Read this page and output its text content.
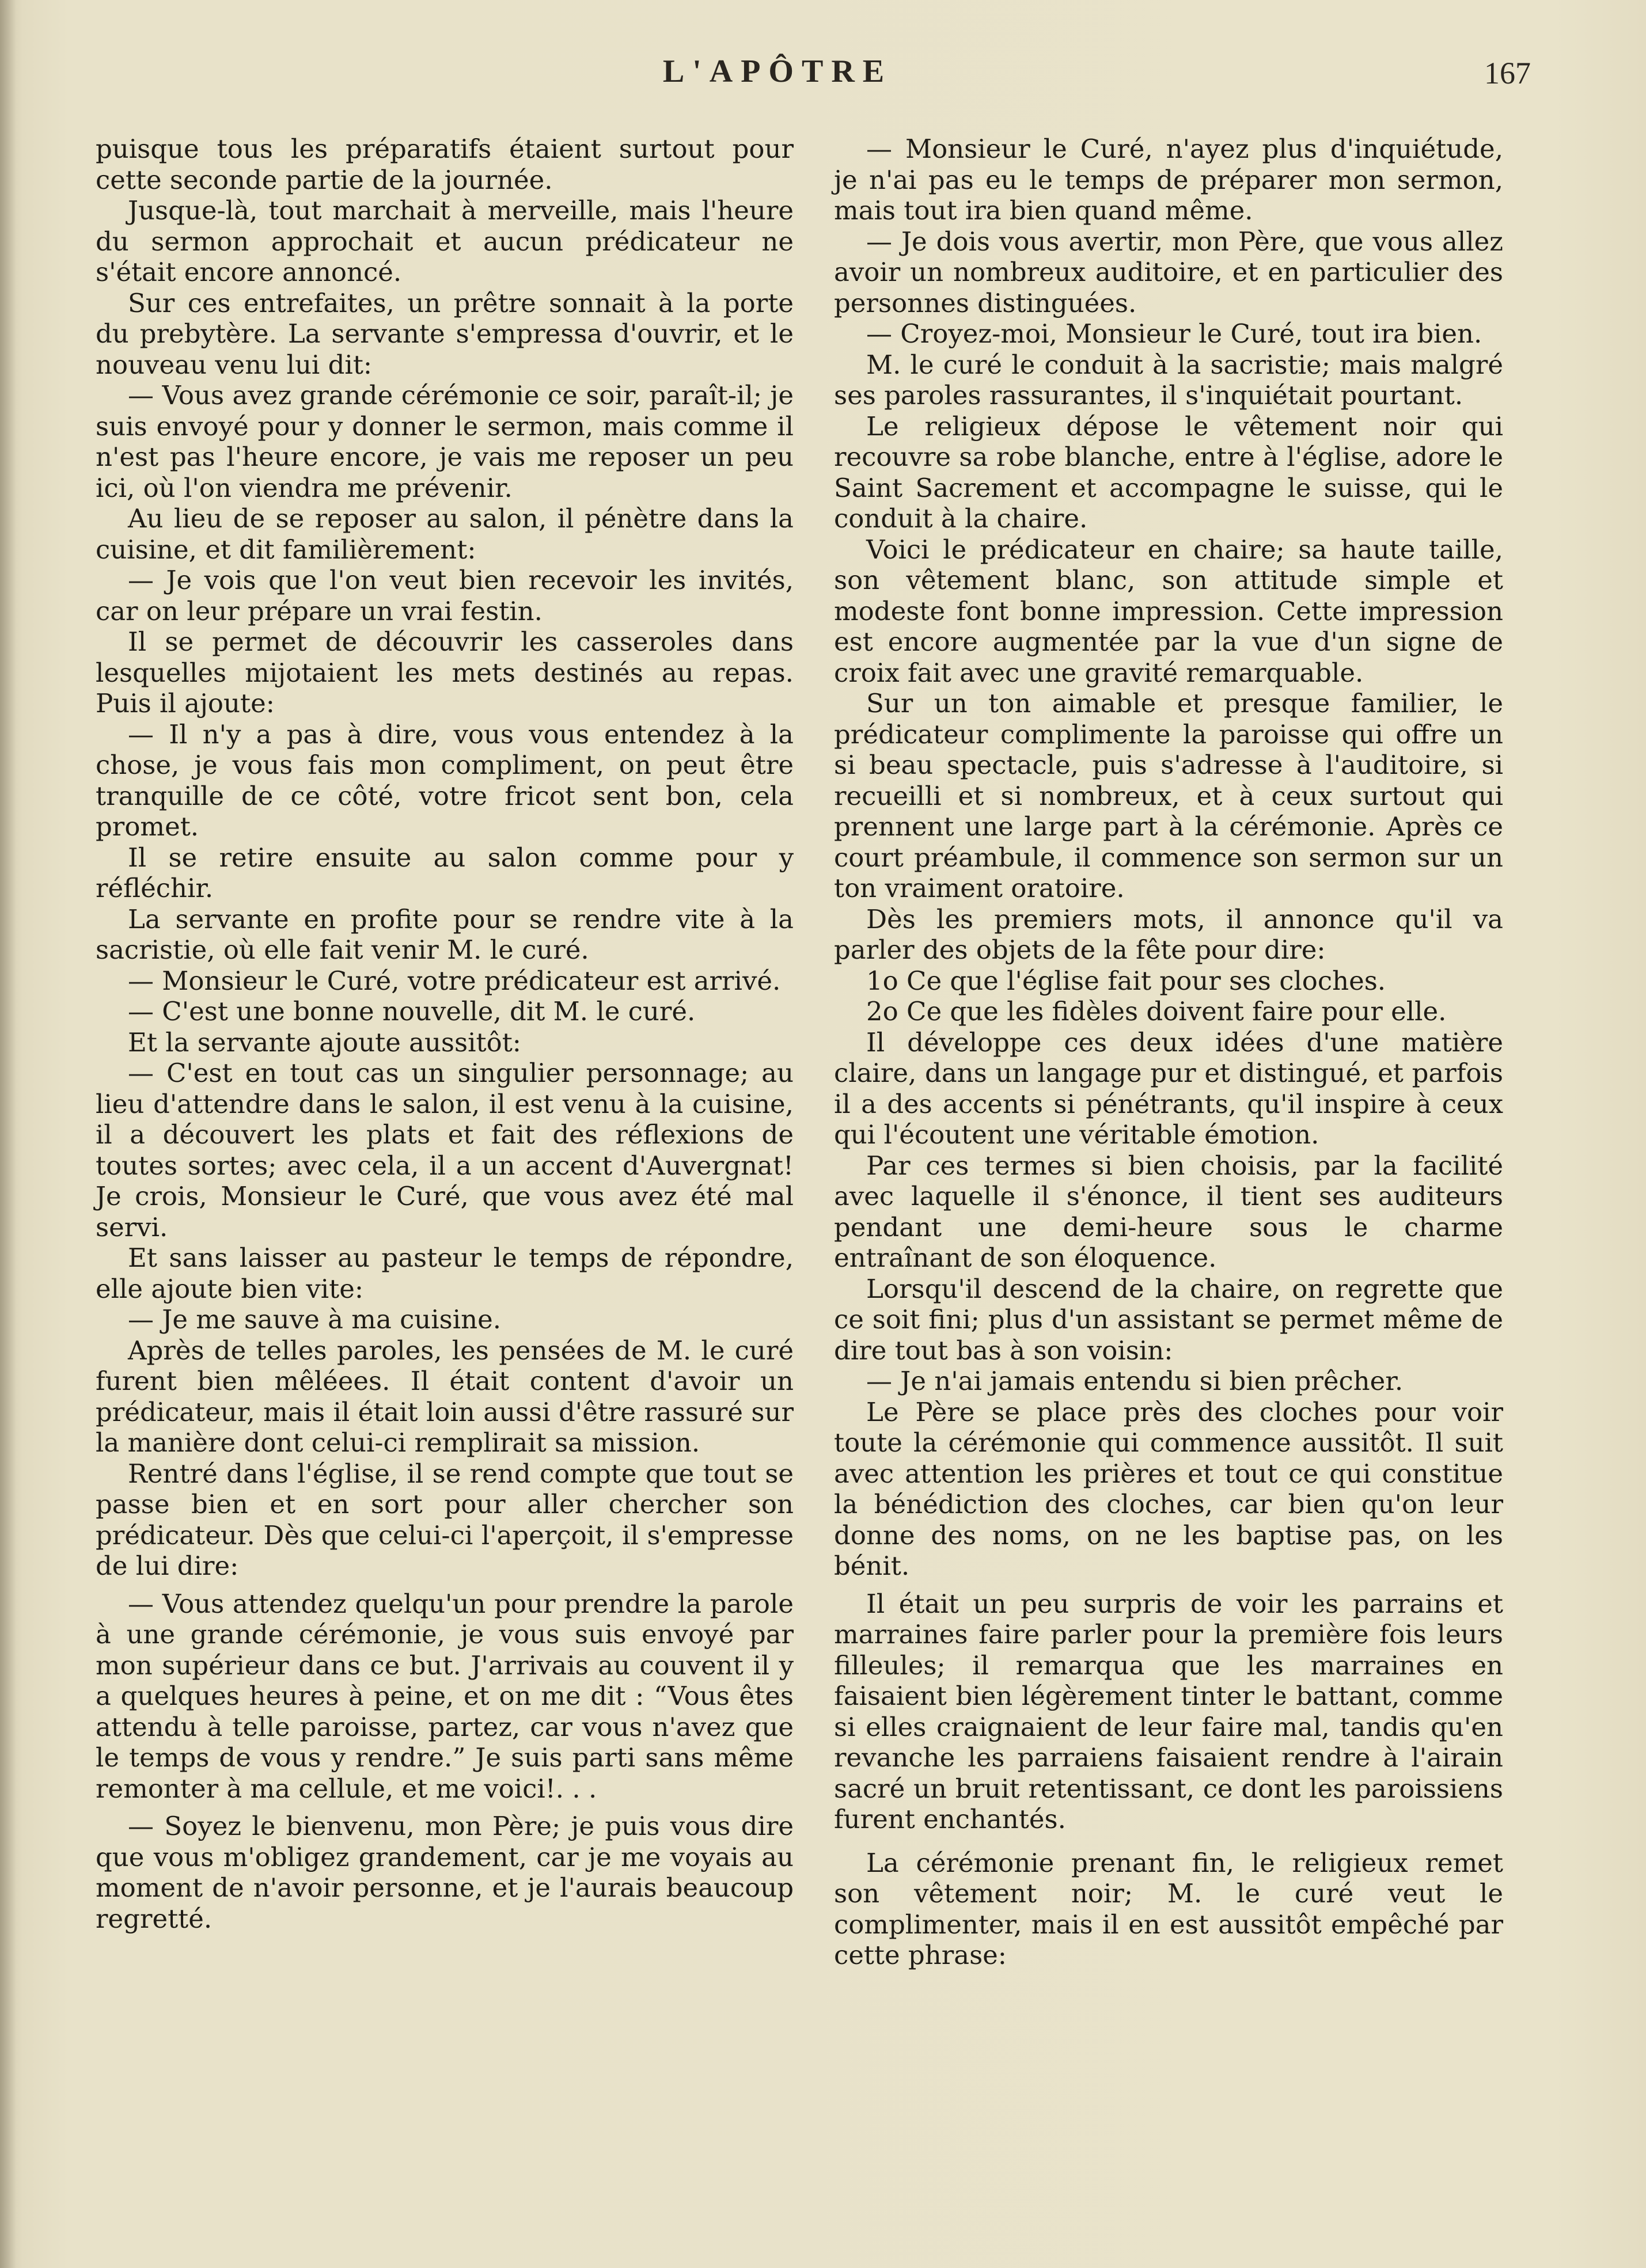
L'APÔTRE	167

puisque tous les préparatifs étaient surtout pour cette seconde partie de la journée.

Jusque-là, tout marchait à merveille, mais l'heure du sermon approchait et aucun prédicateur ne s'était encore annoncé.

Sur ces entrefaites, un prêtre sonnait à la porte du prebytère. La servante s'empressa d'ouvrir, et le nouveau venu lui dit:

— Vous avez grande cérémonie ce soir, paraît-il; je suis envoyé pour y donner le sermon, mais comme il n'est pas l'heure encore, je vais me reposer un peu ici, où l'on viendra me prévenir.

Au lieu de se reposer au salon, il pénètre dans la cuisine, et dit familièrement:

— Je vois que l'on veut bien recevoir les invités, car on leur prépare un vrai festin.

Il se permet de découvrir les casseroles dans lesquelles mijotaient les mets destinés au repas. Puis il ajoute:

— Il n'y a pas à dire, vous vous entendez à la chose, je vous fais mon compliment, on peut être tranquille de ce côté, votre fricot sent bon, cela promet.

Il se retire ensuite au salon comme pour y réfléchir.

La servante en profite pour se rendre vite à la sacristie, où elle fait venir M. le curé.

— Monsieur le Curé, votre prédicateur est arrivé.

— C'est une bonne nouvelle, dit M. le curé.

Et la servante ajoute aussitôt:

— C'est en tout cas un singulier personnage; au lieu d'attendre dans le salon, il est venu à la cuisine, il a découvert les plats et fait des réflexions de toutes sortes; avec cela, il a un accent d'Auvergnat! Je crois, Monsieur le Curé, que vous avez été mal servi.

Et sans laisser au pasteur le temps de répondre, elle ajoute bien vite:

— Je me sauve à ma cuisine.

Après de telles paroles, les pensées de M. le curé furent bien mêléees. Il était content d'avoir un prédicateur, mais il était loin aussi d'être rassuré sur la manière dont celui-ci remplirait sa mission.

Rentré dans l'église, il se rend compte que tout se passe bien et en sort pour aller chercher son prédicateur. Dès que celui-ci l'aperçoit, il s'empresse de lui dire:

— Vous attendez quelqu'un pour prendre la parole à une grande cérémonie, je vous suis envoyé par mon supérieur dans ce but. J'arrivais au couvent il y a quelques heures à peine, et on me dit : “Vous êtes attendu à telle paroisse, partez, car vous n'avez que le temps de vous y rendre.” Je suis parti sans même remonter à ma cellule, et me voici!. . .

— Soyez le bienvenu, mon Père; je puis vous dire que vous m'obligez grandement, car je me voyais au moment de n'avoir personne, et je l'aurais beaucoup regretté.

— Monsieur le Curé, n'ayez plus d'inquiétude, je n'ai pas eu le temps de préparer mon sermon, mais tout ira bien quand même.

— Je dois vous avertir, mon Père, que vous allez avoir un nombreux auditoire, et en particulier des personnes distinguées.

— Croyez-moi, Monsieur le Curé, tout ira bien.

M. le curé le conduit à la sacristie; mais malgré ses paroles rassurantes, il s'inquiétait pourtant.

Le religieux dépose le vêtement noir qui recouvre sa robe blanche, entre à l'église, adore le Saint Sacrement et accompagne le suisse, qui le conduit à la chaire.

Voici le prédicateur en chaire; sa haute taille, son vêtement blanc, son attitude simple et modeste font bonne impression. Cette impression est encore augmentée par la vue d'un signe de croix fait avec une gravité remarquable.

Sur un ton aimable et presque familier, le prédicateur complimente la paroisse qui offre un si beau spectacle, puis s'adresse à l'auditoire, si recueilli et si nombreux, et à ceux surtout qui prennent une large part à la cérémonie. Après ce court préambule, il commence son sermon sur un ton vraiment oratoire.

Dès les premiers mots, il annonce qu'il va parler des objets de la fête pour dire:

1o Ce que l'église fait pour ses cloches.

2o Ce que les fidèles doivent faire pour elle.

Il développe ces deux idées d'une matière claire, dans un langage pur et distingué, et parfois il a des accents si pénétrants, qu'il inspire à ceux qui l'écoutent une véritable émotion.

Par ces termes si bien choisis, par la facilité avec laquelle il s'énonce, il tient ses auditeurs pendant une demi-heure sous le charme entraînant de son éloquence.

Lorsqu'il descend de la chaire, on regrette que ce soit fini; plus d'un assistant se permet même de dire tout bas à son voisin:

— Je n'ai jamais entendu si bien prêcher.

Le Père se place près des cloches pour voir toute la cérémonie qui commence aussitôt. Il suit avec attention les prières et tout ce qui constitue la bénédiction des cloches, car bien qu'on leur donne des noms, on ne les baptise pas, on les bénit.

Il était un peu surpris de voir les parrains et marraines faire parler pour la première fois leurs filleules; il remarqua que les marraines en faisaient bien légèrement tinter le battant, comme si elles craignaient de leur faire mal, tandis qu'en revanche les parraiens faisaient rendre à l'airain sacré un bruit retentissant, ce dont les paroissiens furent enchantés.

La cérémonie prenant fin, le religieux remet son vêtement noir; M. le curé veut le complimenter, mais il en est aussitôt empêché par cette phrase:
